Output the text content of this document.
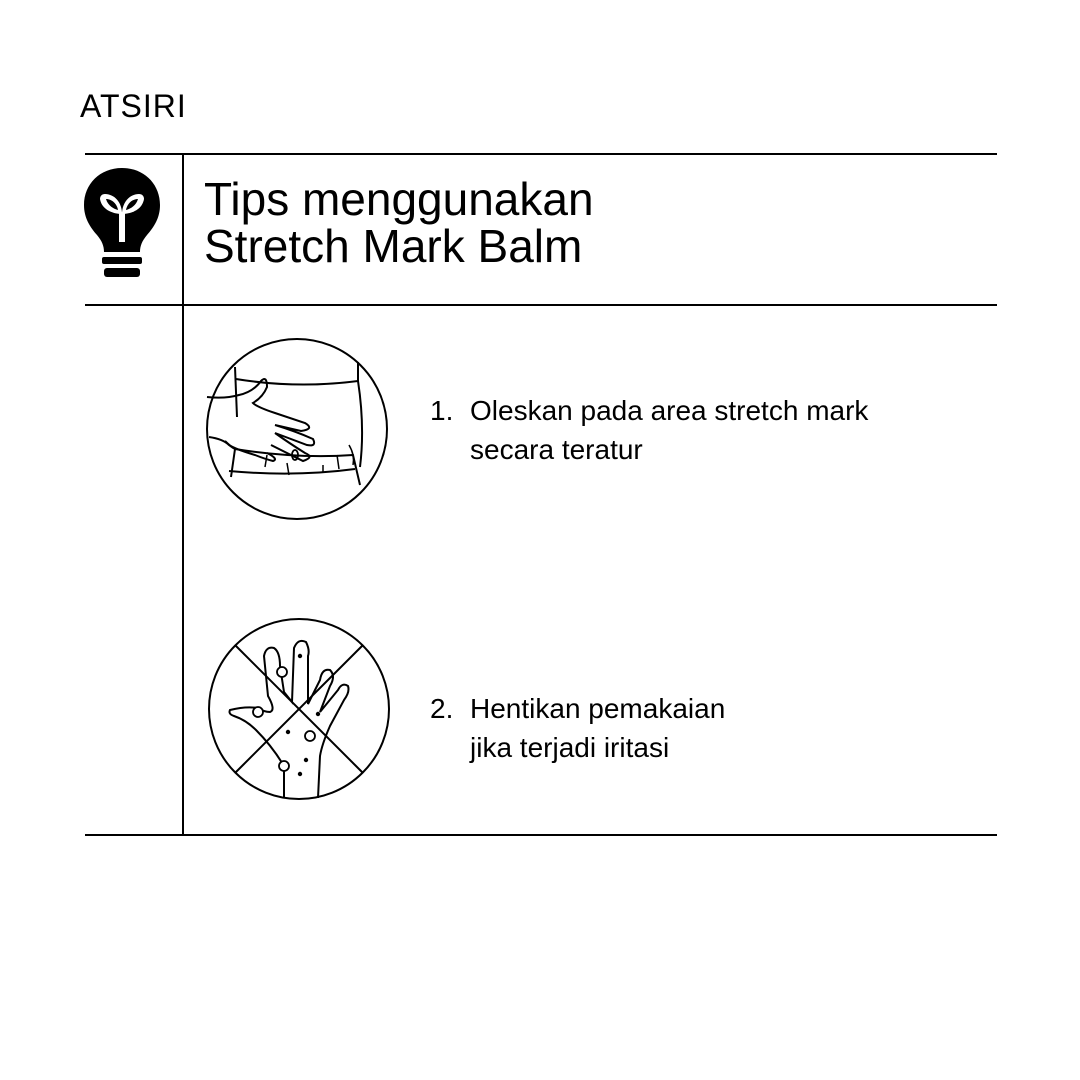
ATSIRI
Tips menggunakan
Stretch Mark Balm
1. Oleskan pada area stretch mark
secara teratur
2. Hentikan pemakaian
jika terjadi iritasi
